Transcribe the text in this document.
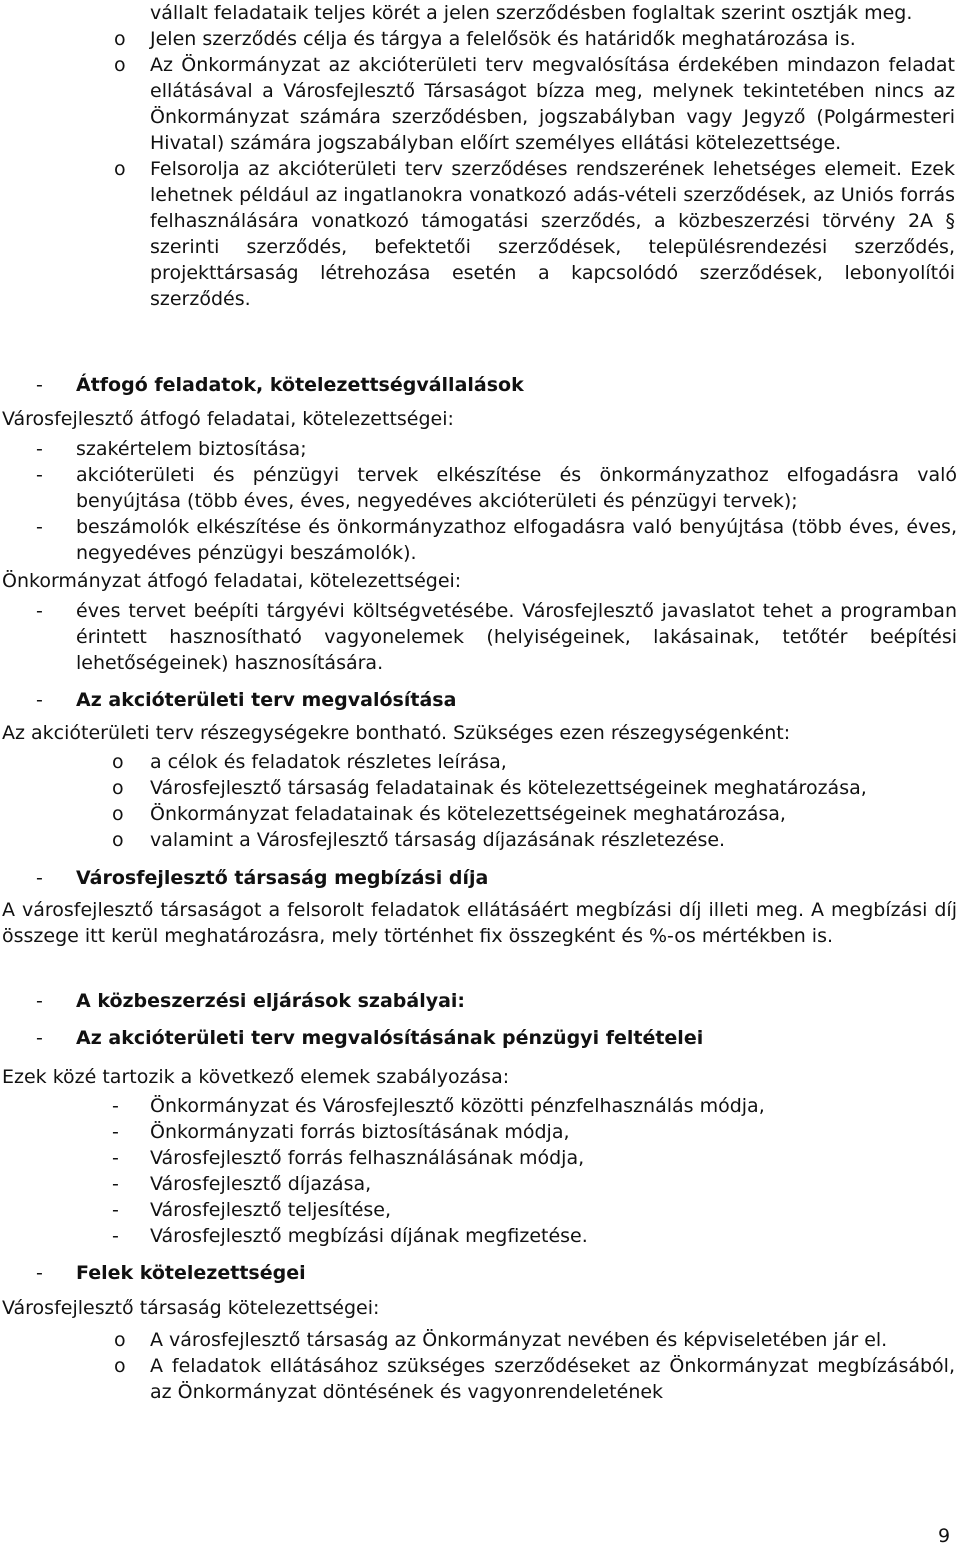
vállalt feladataik teljes körét a jelen szerződésben foglaltak szerint osztják meg.
o Jelen szerződés célja és tárgya a felelősök és határidők meghatározása is.
o Az Önkormányzat az akcióterületi terv megvalósítása érdekében mindazon feladat ellátásával a Városfejlesztő Társaságot bízza meg, melynek tekintetében nincs az Önkormányzat számára szerződésben, jogszabályban vagy Jegyző (Polgármesteri Hivatal) számára jogszabályban előírt személyes ellátási kötelezettsége.
o Felsorolja az akcióterületi terv szerződéses rendszerének lehetséges elemeit. Ezek lehetnek például az ingatlanokra vonatkozó adás-vételi szerződések, az Uniós forrás felhasználására vonatkozó támogatási szerződés, a közbeszerzési törvény 2A § szerinti szerződés, befektetői szerződések, településrendezési szerződés, projekttársaság létrehozása esetén a kapcsolódó szerződések, lebonyolítói szerződés.
- Átfogó feladatok, kötelezettségvállalások
Városfejlesztő átfogó feladatai, kötelezettségei:
- szakértelem biztosítása;
- akcióterületi és pénzügyi tervek elkészítése és önkormányzathoz elfogadásra való benyújtása (több éves, éves, negyedéves akcióterületi és pénzügyi tervek);
- beszámolók elkészítése és önkormányzathoz elfogadásra való benyújtása (több éves, éves, negyedéves pénzügyi beszámolók).
Önkormányzat átfogó feladatai, kötelezettségei:
- éves tervet beépíti tárgyévi költségvetésébe. Városfejlesztő javaslatot tehet a programban érintett hasznosítható vagyonelemek (helyiségeinek, lakásainak, tetőtér beépítési lehetőségeinek) hasznosítására.
- Az akcióterületi terv megvalósítása
Az akcióterületi terv részegységekre bontható. Szükséges ezen részegységenként:
o a célok és feladatok részletes leírása,
o Városfejlesztő társaság feladatainak és kötelezettségeinek meghatározása,
o Önkormányzat feladatainak és kötelezettségeinek meghatározása,
o valamint a Városfejlesztő társaság díjazásának részletezése.
- Városfejlesztő társaság megbízási díja
A városfejlesztő társaságot a felsorolt feladatok ellátásáért megbízási díj illeti meg. A megbízási díj összege itt kerül meghatározásra, mely történhet fix összegként és %-os mértékben is.
- A közbeszerzési eljárások szabályai:
- Az akcióterületi terv megvalósításának pénzügyi feltételei
Ezek közé tartozik a következő elemek szabályozása:
- Önkormányzat és Városfejlesztő közötti pénzfelhasználás módja,
- Önkormányzati forrás biztosításának módja,
- Városfejlesztő forrás felhasználásának módja,
- Városfejlesztő díjazása,
- Városfejlesztő teljesítése,
- Városfejlesztő megbízási díjának megfizetése.
- Felek kötelezettségei
Városfejlesztő társaság kötelezettségei:
o A városfejlesztő társaság az Önkormányzat nevében és képviseletében jár el.
o A feladatok ellátásához szükséges szerződéseket az Önkormányzat megbízásából, az Önkormányzat döntésének és vagyonrendeletének
9
